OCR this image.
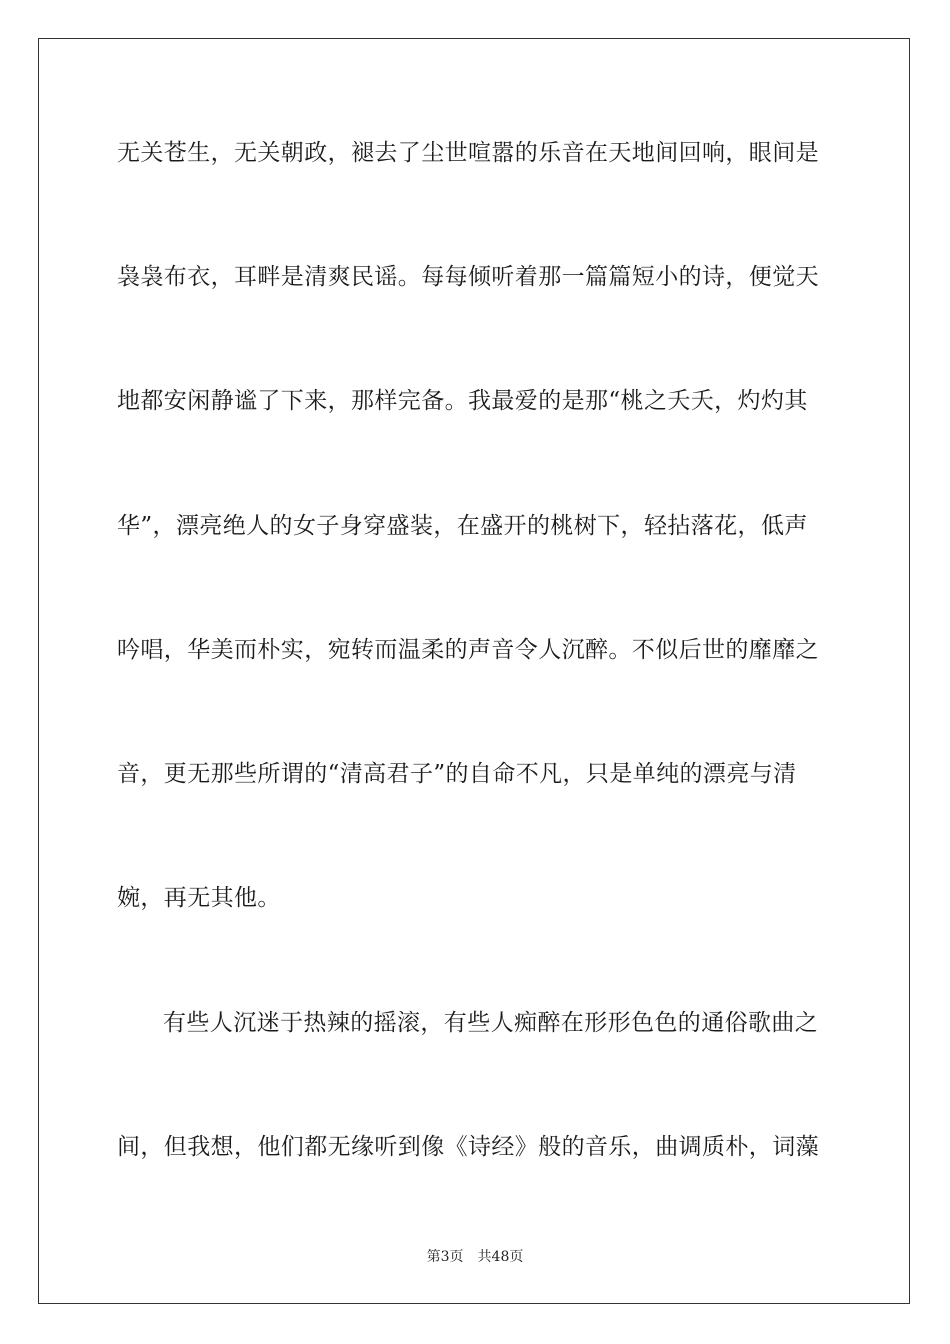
无关苍生，无关朝政，褪去了尘世喧嚣的乐音在天地间回响，眼间是
袅袅布衣，耳畔是清爽民谣。每每倾听着那一篇篇短小的诗，便觉天
地都安闲静谧了下来，那样完备。我最爱的是那“桃之夭夭，灼灼其
华”，漂亮绝人的女子身穿盛装，在盛开的桃树下，轻拈落花，低声
吟唱，华美而朴实，宛转而温柔的声音令人沉醉。不似后世的靡靡之
音，更无那些所谓的“清高君子”的自命不凡，只是单纯的漂亮与清
婉，再无其他。
有些人沉迷于热辣的摇滚，有些人痴醉在形形色色的通俗歌曲之
间，但我想，他们都无缘听到像《诗经》般的音乐，曲调质朴，词藻
第3页 共48页
